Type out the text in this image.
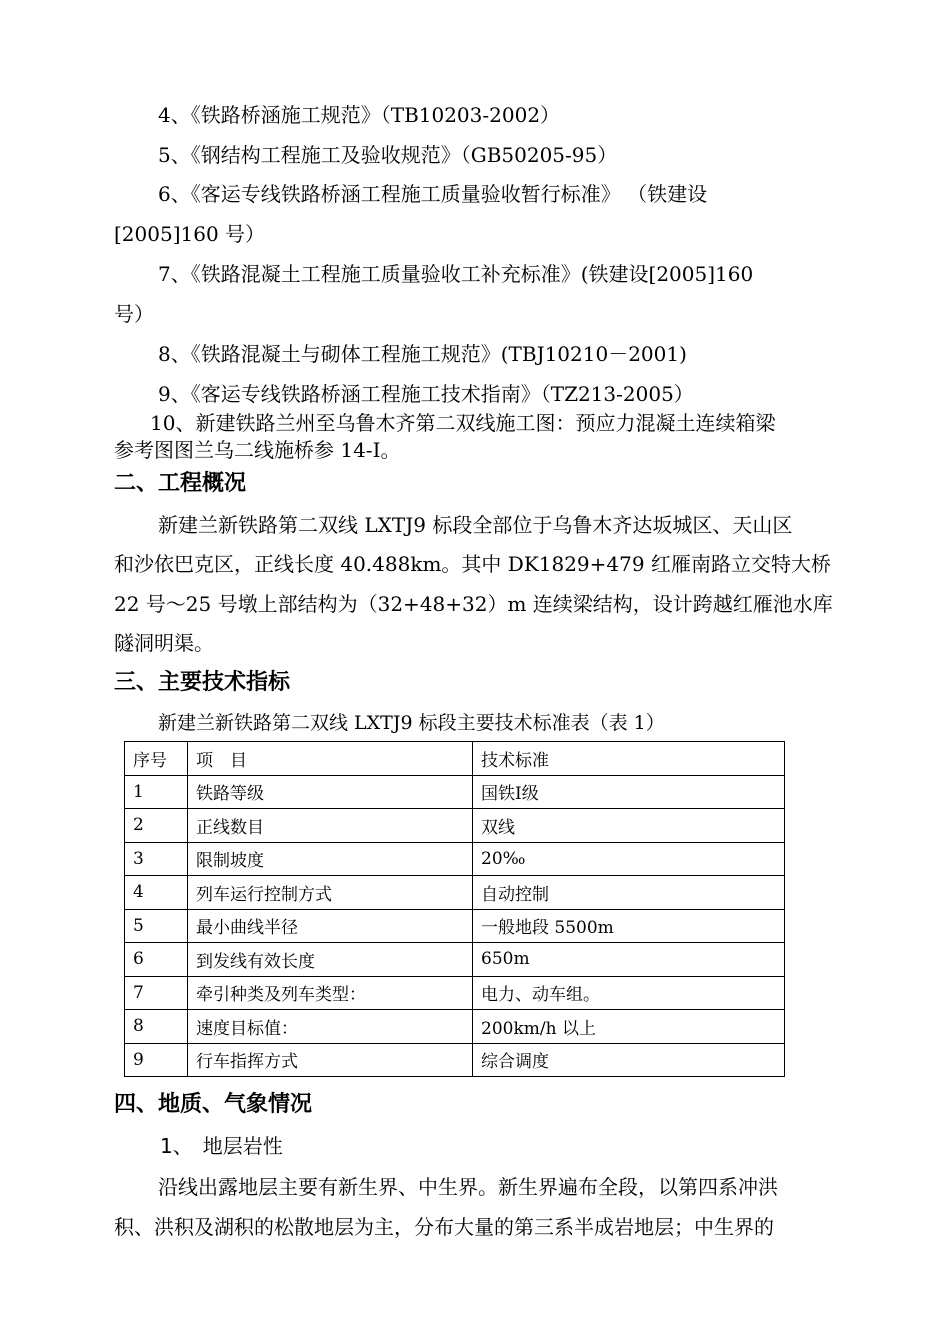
4、《铁路桥涵施工规范》（TB10203-2002）
5、《钢结构工程施工及验收规范》（GB50205-95）
6、《客运专线铁路桥涵工程施工质量验收暂行标准》 （铁建设
[2005]160 号）
7、《铁路混凝土工程施工质量验收工补充标准》(铁建设[2005]160
号）
8、《铁路混凝土与砌体工程施工规范》(TBJ10210－2001)
9、《客运专线铁路桥涵工程施工技术指南》（TZ213-2005）
10、新建铁路兰州至乌鲁木齐第二双线施工图：预应力混凝土连续箱梁
参考图图兰乌二线施桥参 14-I。
二、工程概况
新建兰新铁路第二双线 LXTJ9 标段全部位于乌鲁木齐达坂城区、天山区
和沙依巴克区，正线长度 40.488km。其中 DK1829+479 红雁南路立交特大桥
22 号～25 号墩上部结构为（32+48+32）m 连续梁结构，设计跨越红雁池水库
隧洞明渠。
三、主要技术指标
新建兰新铁路第二双线 LXTJ9 标段主要技术标准表（表 1）
序号	项　目	技术标准
1	铁路等级	国铁Ⅰ级
2	正线数目	双线
3	限制坡度	20‰
4	列车运行控制方式	自动控制
5	最小曲线半径	一般地段 5500m
6	到发线有效长度	650m
7	牵引种类及列车类型：	电力、动车组。
8	速度目标值：	200km/h 以上
9	行车指挥方式	综合调度
四、地质、气象情况
1、　地层岩性
沿线出露地层主要有新生界、中生界。新生界遍布全段，以第四系冲洪
积、洪积及湖积的松散地层为主，分布大量的第三系半成岩地层；中生界的
